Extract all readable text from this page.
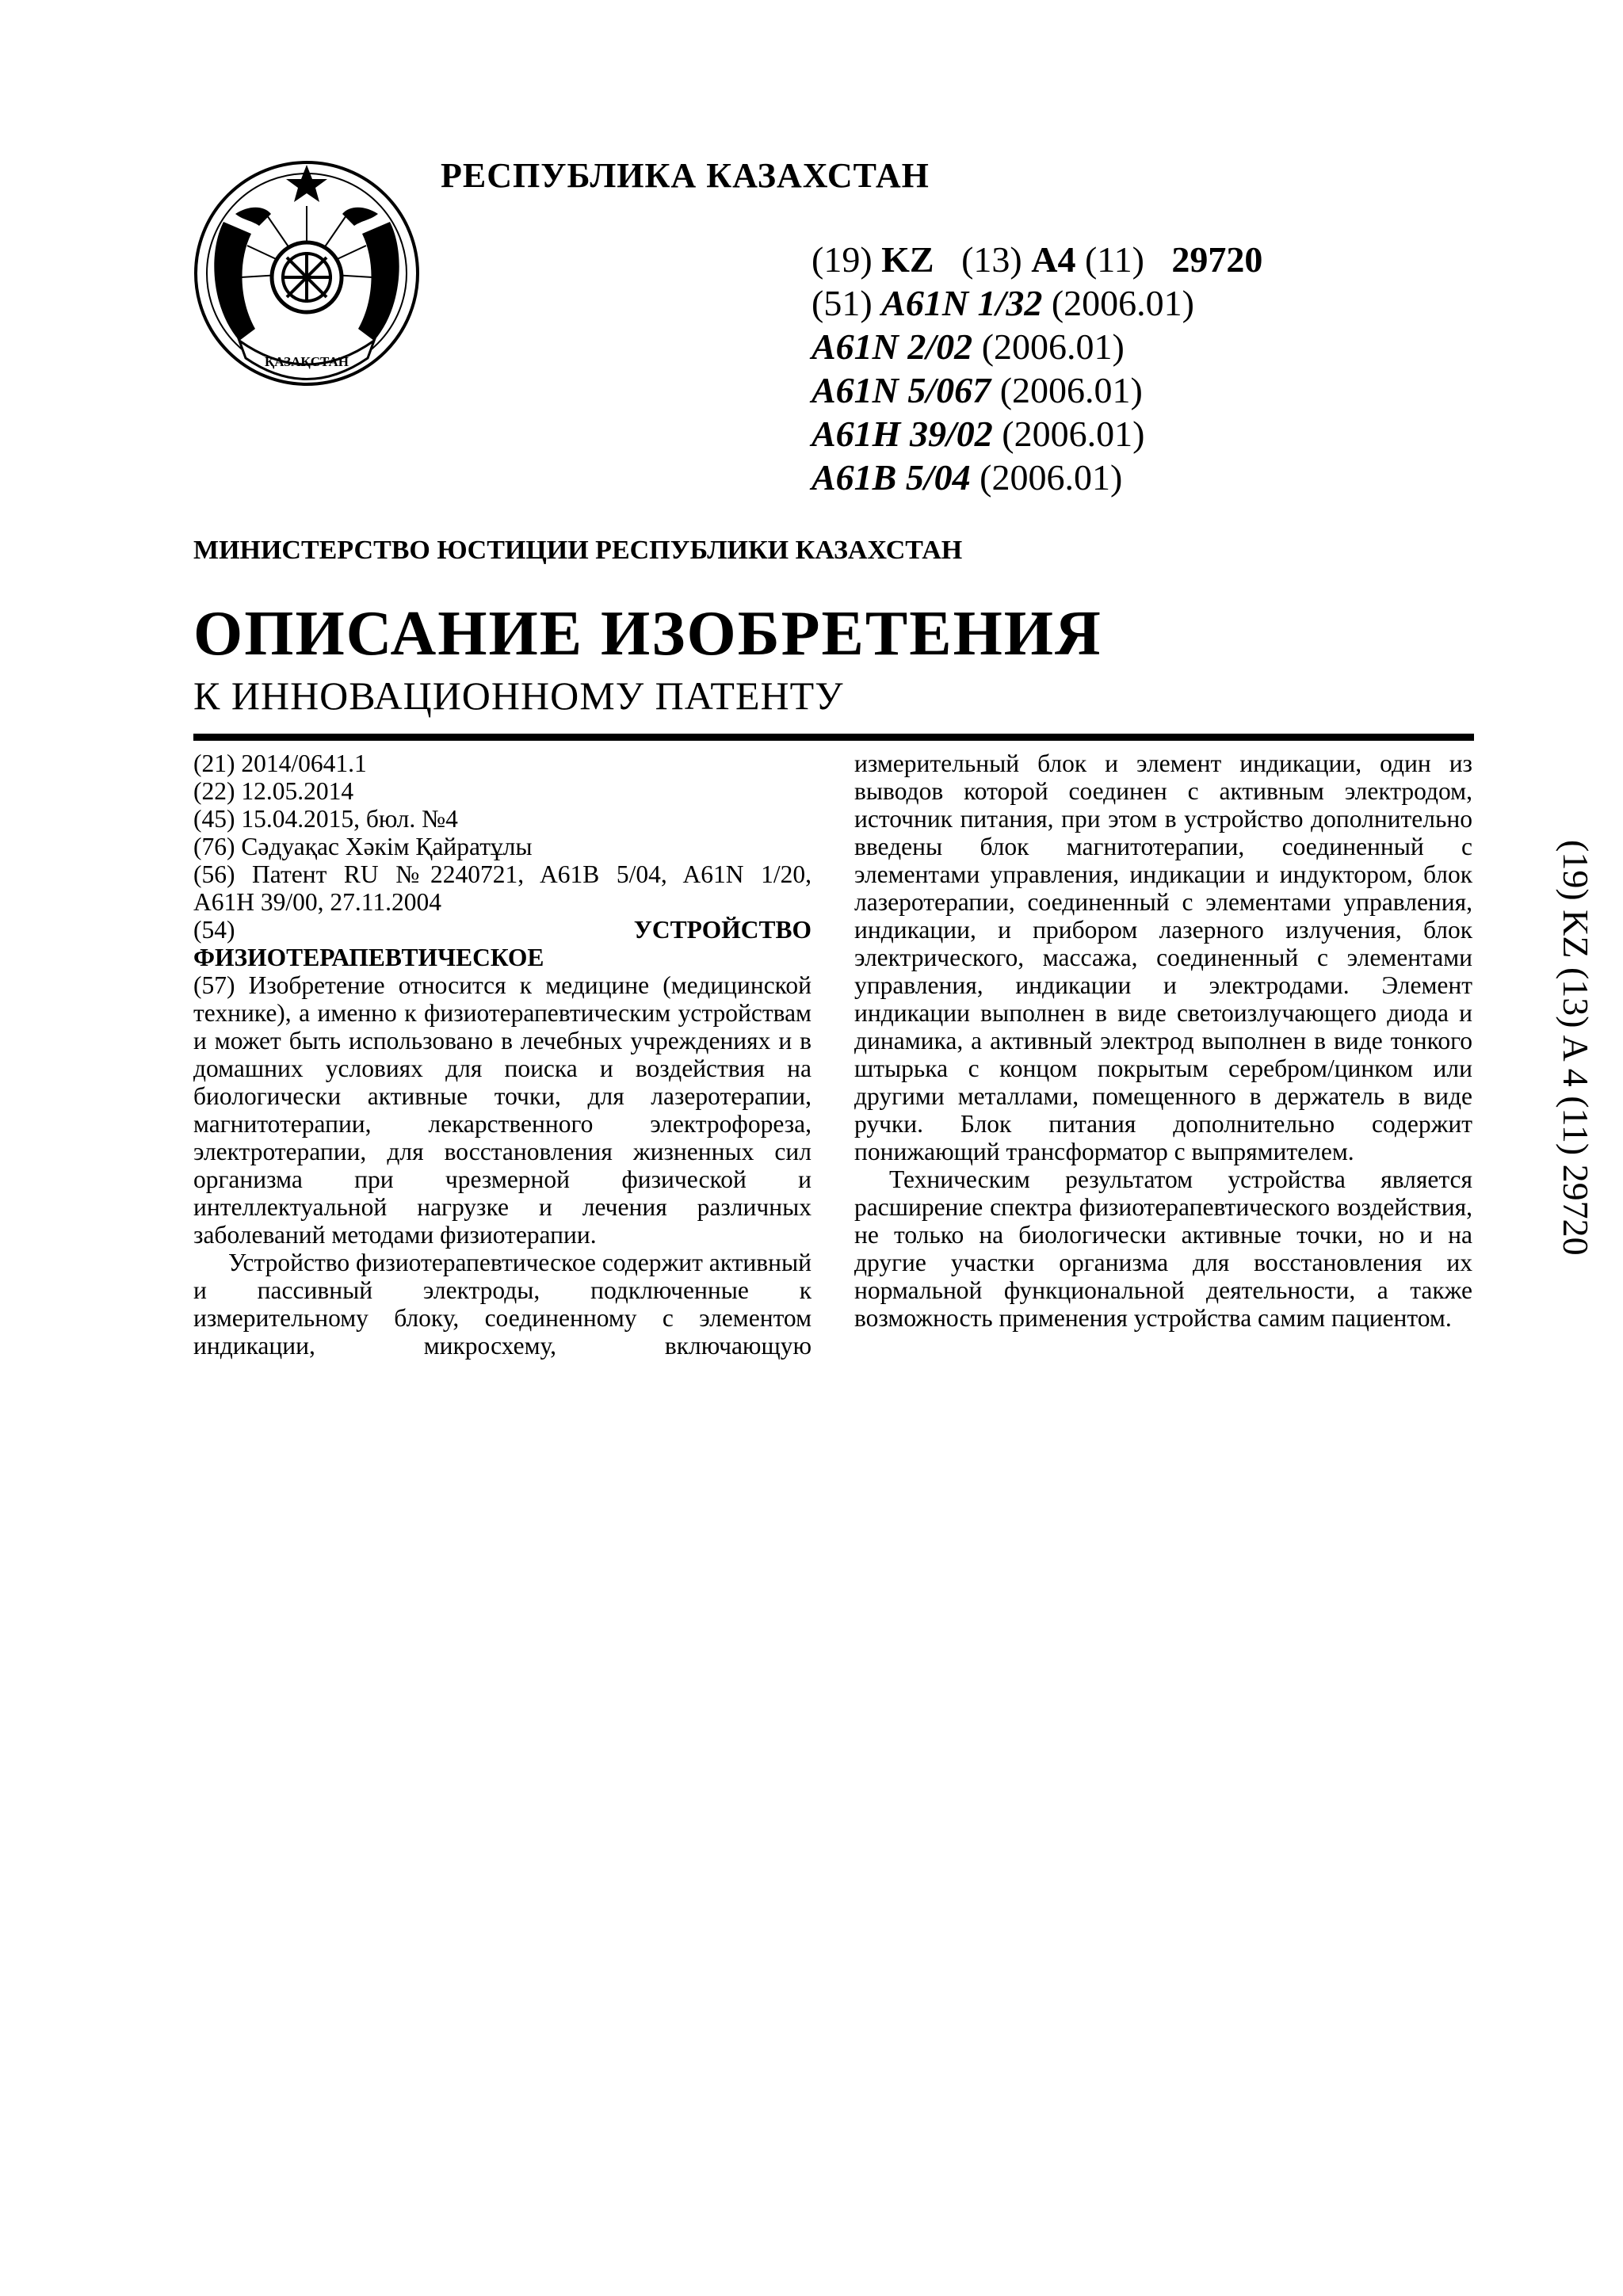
ҚАЗАҚСТАН
РЕСПУБЛИКА КАЗАХСТАН
(19) KZ (13) A4 (11) 29720
(51) A61N 1/32 (2006.01)
A61N 2/02 (2006.01)
A61N 5/067 (2006.01)
A61H 39/02 (2006.01)
A61B 5/04 (2006.01)
МИНИСТЕРСТВО ЮСТИЦИИ РЕСПУБЛИКИ КАЗАХСТАН
ОПИСАНИЕ ИЗОБРЕТЕНИЯ
К ИННОВАЦИОННОМУ ПАТЕНТУ
(21) 2014/0641.1
(22) 12.05.2014
(45) 15.04.2015, бюл. №4
(76) Сәдуақас Хәкім Қайратұлы
(56) Патент RU №2240721, A61B 5/04, A61N 1/20,
A61H 39/00, 27.11.2004
(54)	УСТРОЙСТВО
ФИЗИОТЕРАПЕВТИЧЕСКОЕ

(57) Изобретение относится к медицине (медицинской технике), а именно к физиотерапевтическим устройствам и может быть использовано в лечебных учреждениях и в домашних условиях для поиска и воздействия на биологически активные точки, для лазеротерапии, магнитотерапии, лекарственного электрофореза, электротерапии, для восстановления жизненных сил организма при чрезмерной физической и интеллектуальной нагрузке и лечения различных заболеваний методами физиотерапии.

Устройство физиотерапевтическое содержит активный и пассивный электроды, подключенные к измерительному блоку, соединенному с элементом индикации, микросхему, включающую

измерительный блок и элемент индикации, один из выводов которой соединен с активным электродом, источник питания, при этом в устройство дополнительно введены блок магнитотерапии, соединенный с элементами управления, индикации и индуктором, блок лазеротерапии, соединенный с элементами управления, индикации, и прибором лазерного излучения, блок электрического, массажа, соединенный с элементами управления, индикации и электродами. Элемент индикации выполнен в виде светоизлучающего диода и динамика, а активный электрод выполнен в виде тонкого штырька с концом покрытым серебром/цинком или другими металлами, помещенного в держатель в виде ручки. Блок питания дополнительно содержит понижающий трансформатор с выпрямителем.

Техническим результатом устройства является расширение спектра физиотерапевтического воздействия, не только на биологически активные точки, но и на другие участки организма для восстановления их нормальной функциональной деятельности, а также возможность применения устройства самим пациентом.

(19) KZ (13) A 4 (11) 29720
